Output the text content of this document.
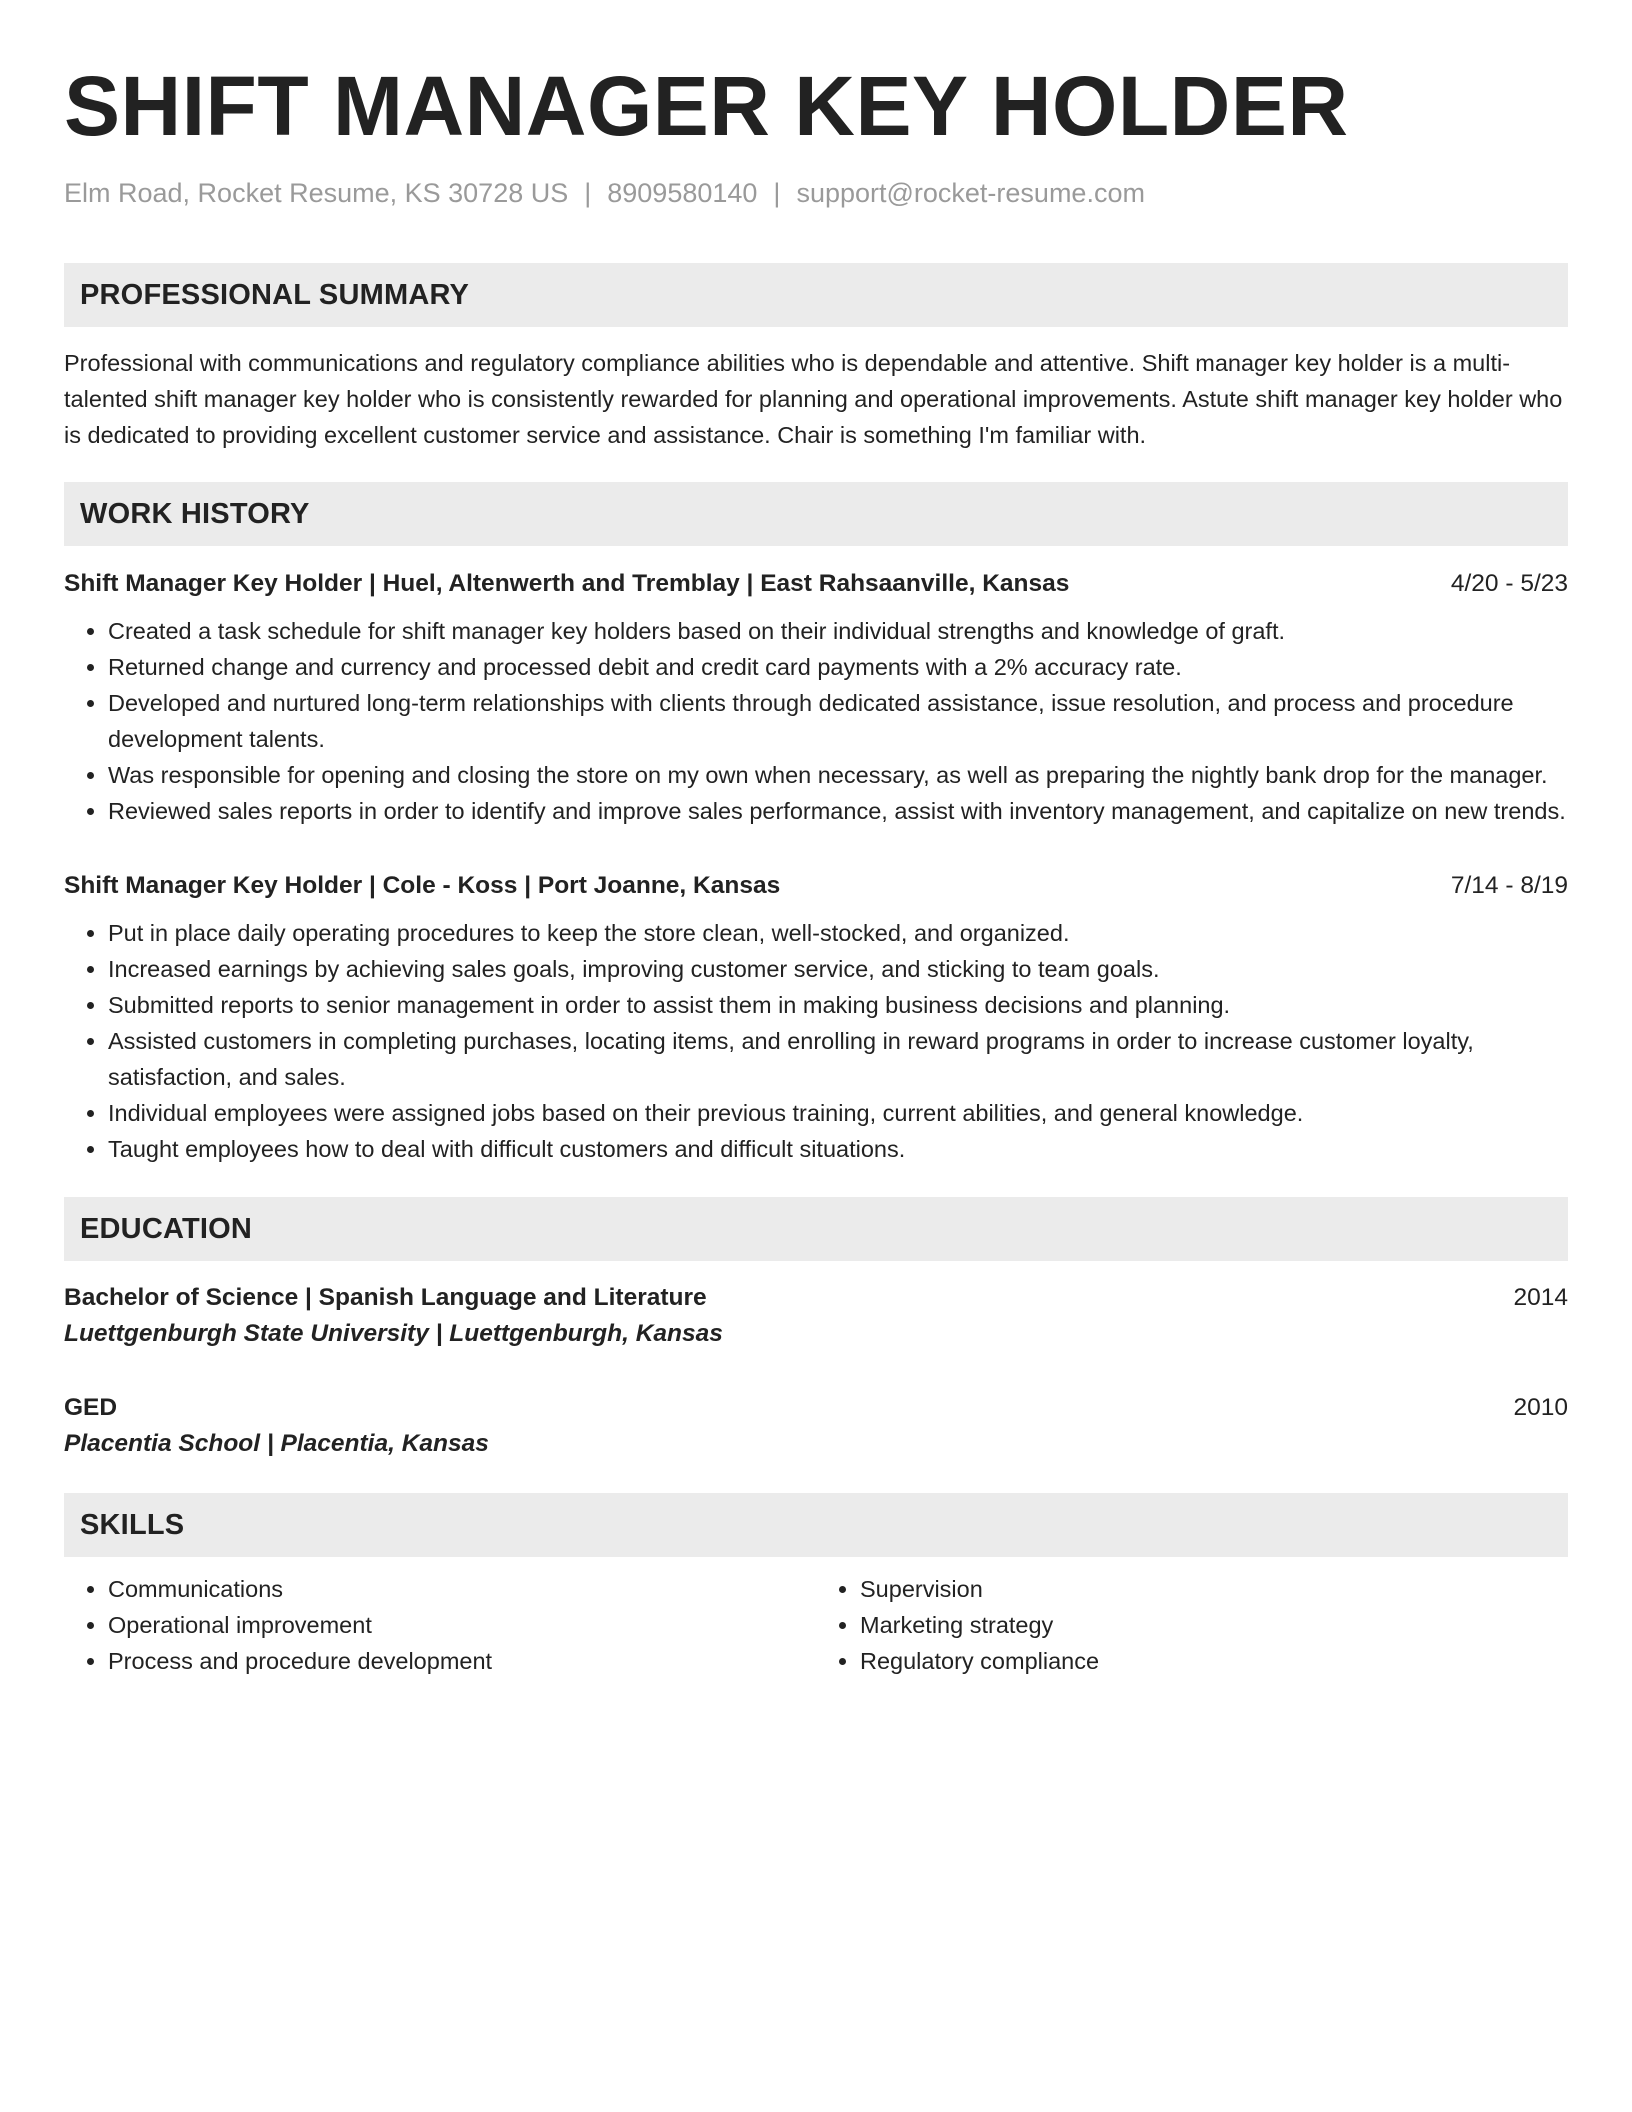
SHIFT MANAGER KEY HOLDER
Elm Road, Rocket Resume, KS 30728 US | 8909580140 | support@rocket-resume.com
PROFESSIONAL SUMMARY

Professional with communications and regulatory compliance abilities who is dependable and attentive. Shift manager key holder is a multi-talented shift manager key holder who is consistently rewarded for planning and operational improvements. Astute shift manager key holder who is dedicated to providing excellent customer service and assistance. Chair is something I'm familiar with.

WORK HISTORY
Shift Manager Key Holder | Huel, Altenwerth and Tremblay | East Rahsaanville, Kansas	4/20 - 5/23
• Created a task schedule for shift manager key holders based on their individual strengths and knowledge of graft.
• Returned change and currency and processed debit and credit card payments with a 2% accuracy rate.
• Developed and nurtured long-term relationships with clients through dedicated assistance, issue resolution, and process and procedure development talents.
• Was responsible for opening and closing the store on my own when necessary, as well as preparing the nightly bank drop for the manager.
• Reviewed sales reports in order to identify and improve sales performance, assist with inventory management, and capitalize on new trends.
Shift Manager Key Holder | Cole - Koss | Port Joanne, Kansas	7/14 - 8/19
• Put in place daily operating procedures to keep the store clean, well-stocked, and organized.
• Increased earnings by achieving sales goals, improving customer service, and sticking to team goals.
• Submitted reports to senior management in order to assist them in making business decisions and planning.
• Assisted customers in completing purchases, locating items, and enrolling in reward programs in order to increase customer loyalty, satisfaction, and sales.
• Individual employees were assigned jobs based on their previous training, current abilities, and general knowledge.
• Taught employees how to deal with difficult customers and difficult situations.
EDUCATION
Bachelor of Science | Spanish Language and Literature	2014
Luettgenburgh State University | Luettgenburgh, Kansas
GED	2010
Placentia School | Placentia, Kansas
SKILLS
• Communications
• Operational improvement
• Process and procedure development
• Supervision
• Marketing strategy
• Regulatory compliance
